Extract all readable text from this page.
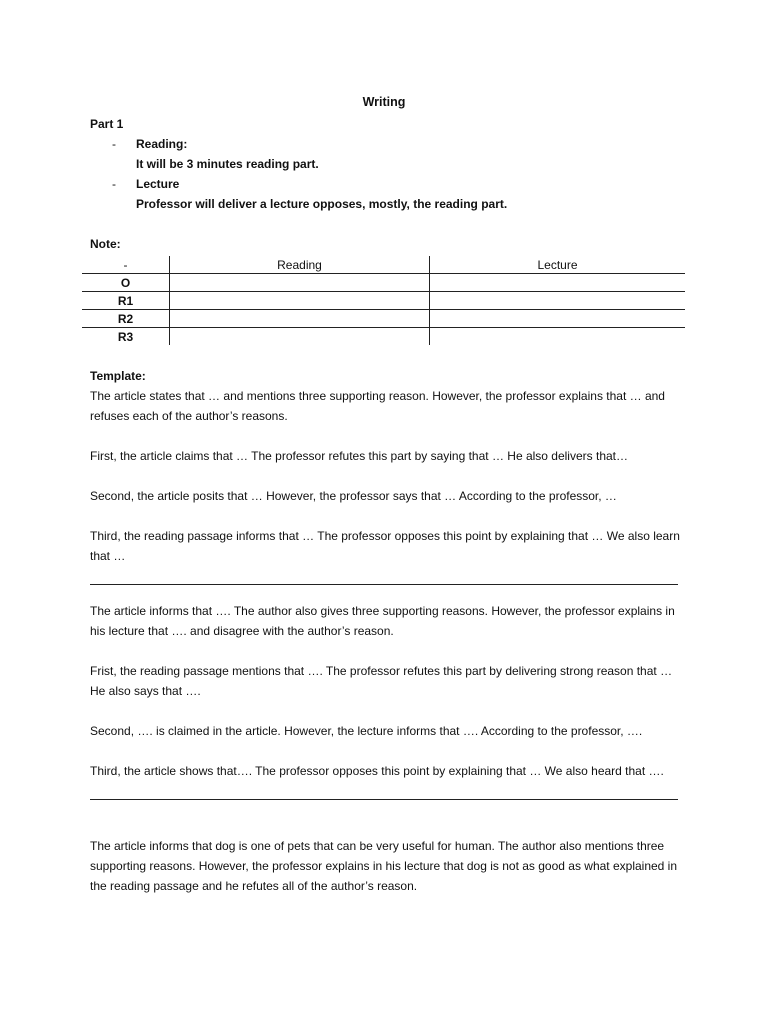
Writing
Part 1
- Reading:
It will be 3 minutes reading part.
- Lecture
Professor will deliver a lecture opposes, mostly, the reading part.
Note:
-	Reading	Lecture
O		
R1		
R2		
R3		
Template:
The article states that … and mentions three supporting reason. However, the professor explains that … and refuses each of the author’s reasons.
First, the article claims that … The professor refutes this part by saying that … He also delivers that…
Second, the article posits that … However, the professor says that … According to the professor, …
Third, the reading passage informs that … The professor opposes this point by explaining that … We also learn that …
The article informs that …. The author also gives three supporting reasons. However, the professor explains in his lecture that …. and disagree with the author’s reason.
Frist, the reading passage mentions that …. The professor refutes this part by delivering strong reason that … He also says that ….
Second, …. is claimed in the article. However, the lecture informs that …. According to the professor, ….
Third, the article shows that…. The professor opposes this point by explaining that … We also heard that ….
The article informs that dog is one of pets that can be very useful for human. The author also mentions three supporting reasons. However, the professor explains in his lecture that dog is not as good as what explained in the reading passage and he refutes all of the author’s reason.
